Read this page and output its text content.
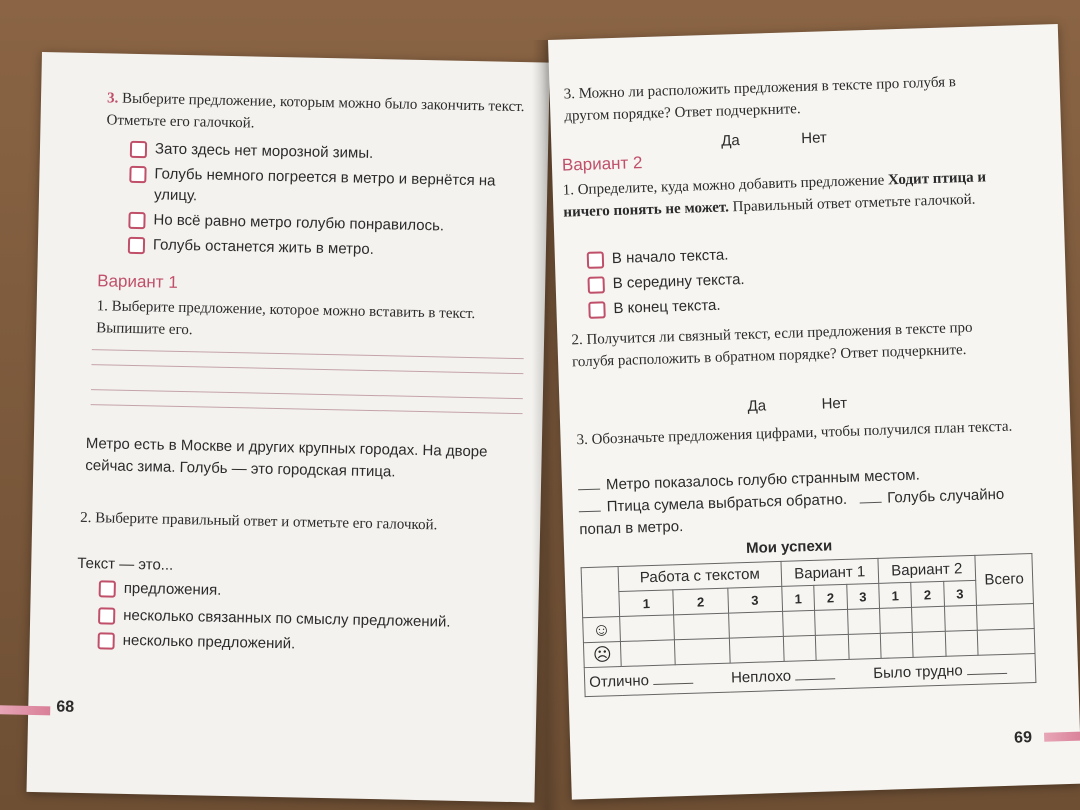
3. Выберите предложение, которым можно было закончить текст. Отметьте его галочкой.
Зато здесь нет морозной зимы.
Голубь немного погреется в метро и вернётся на улицу.
Но всё равно метро голубю понравилось.
Голубь останется жить в метро.
Вариант 1
1. Выберите предложение, которое можно вставить в текст. Выпишите его.
Метро есть в Москве и других крупных городах. На дворе сейчас зима. Голубь — это городская птица.
2. Выберите правильный ответ и отметьте его галочкой.
Текст — это...
предложения.
несколько связанных по смыслу предложений.
несколько предложений.
68
3. Можно ли расположить предложения в тексте про голубя в другом порядке? Ответ подчеркните.
Да	Нет
Вариант 2
1. Определите, куда можно добавить предложение Ходит птица и ничего понять не может. Правильный ответ отметьте галочкой.
В начало текста.
В середину текста.
В конец текста.
2. Получится ли связный текст, если предложения в тексте про голубя расположить в обратном порядке? Ответ подчеркните.
Да	Нет
3. Обозначьте предложения цифрами, чтобы получился план текста.
Метро показалось голубю странным местом.
Птица сумела выбраться обратно.	Голубь случайно попал в метро.
Мои успехи
	Работа с текстом			Вариант 1			Вариант 2			Всего
	1	2	3	1	2	3	1	2	3	
☺										
☹										
Отлично Неплохо Было трудно										
69
